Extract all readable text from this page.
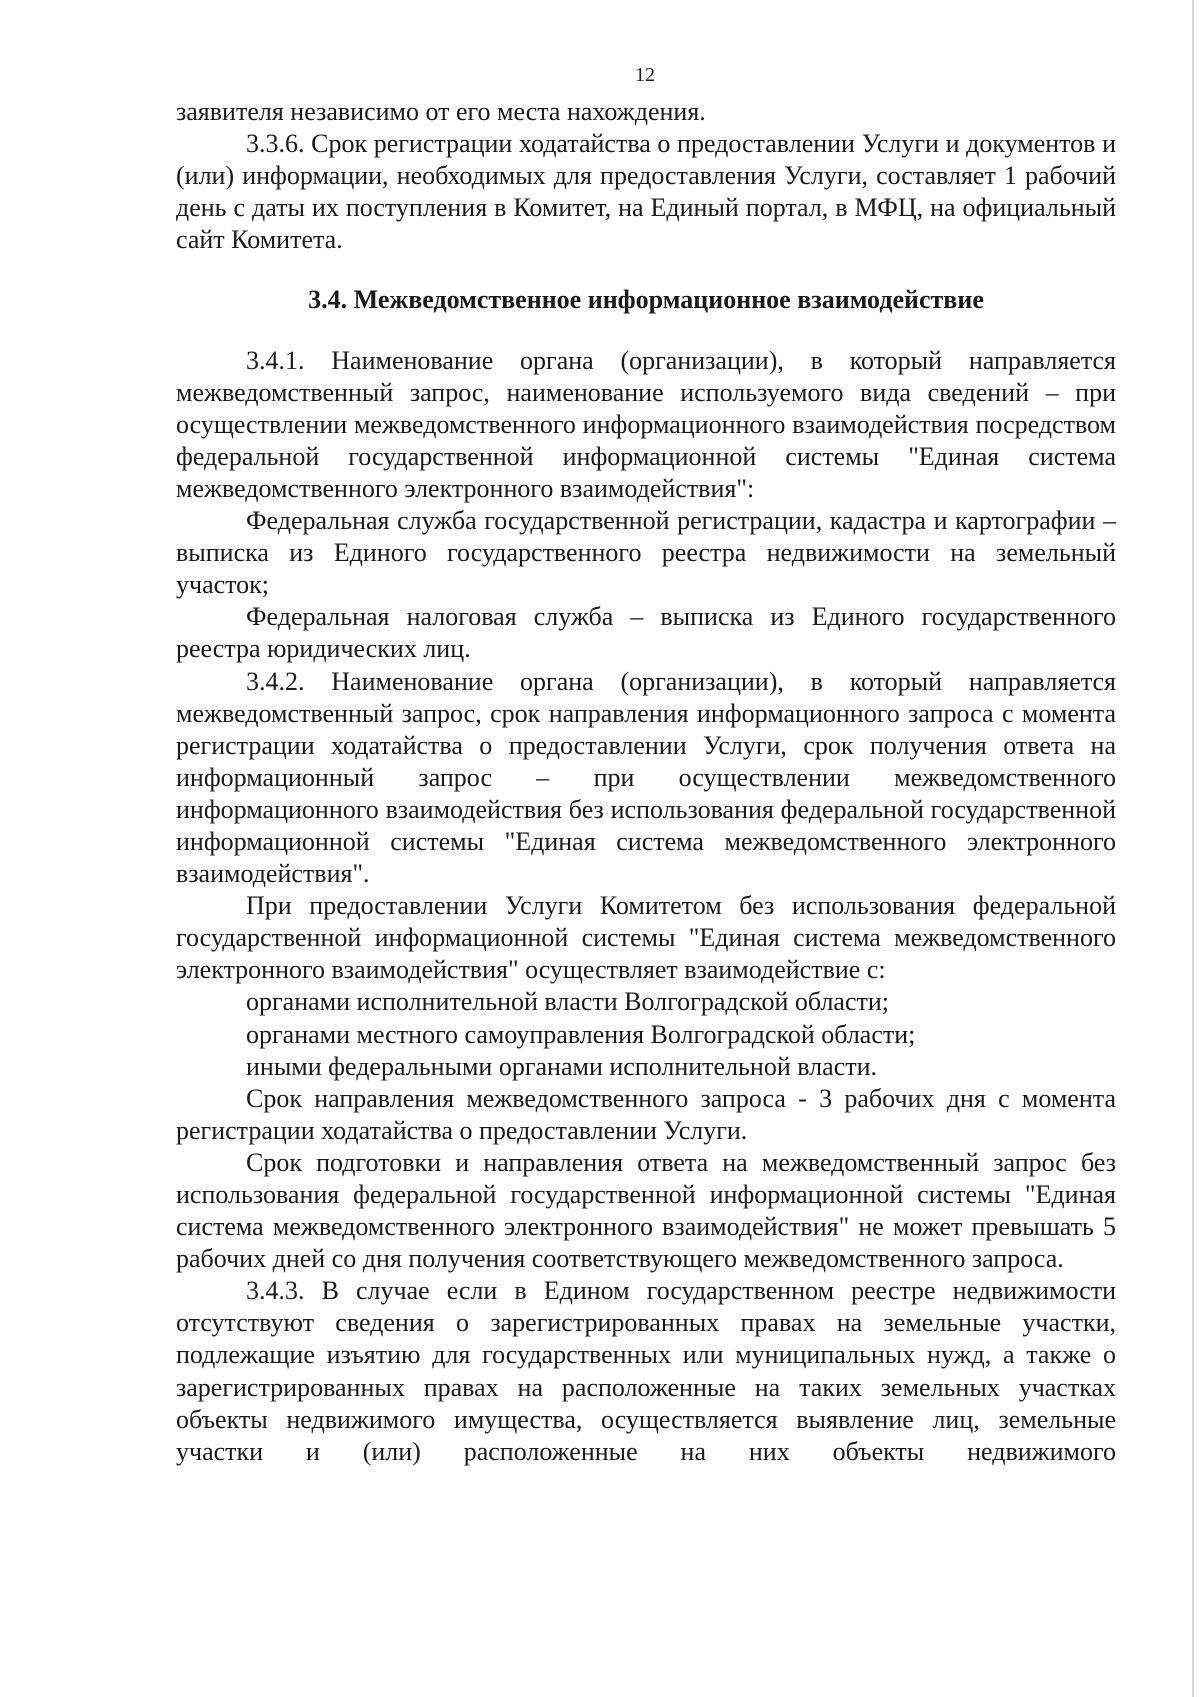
12

заявителя независимо от его места нахождения.

3.3.6. Срок регистрации ходатайства о предоставлении Услуги и документов и (или) информации, необходимых для предоставления Услуги, составляет 1 рабочий день с даты их поступления в Комитет, на Единый портал, в МФЦ, на официальный сайт Комитета.

3.4. Межведомственное информационное взаимодействие

3.4.1. Наименование органа (организации), в который направляется межведомственный запрос, наименование используемого вида сведений – при осуществлении межведомственного информационного взаимодействия посредством федеральной государственной информационной системы "Единая система межведомственного электронного взаимодействия":

Федеральная служба государственной регистрации, кадастра и картографии – выписка из Единого государственного реестра недвижимости на земельный участок;

Федеральная налоговая служба – выписка из Единого государственного реестра юридических лиц.

3.4.2. Наименование органа (организации), в который направляется межведомственный запрос, срок направления информационного запроса с момента регистрации ходатайства о предоставлении Услуги, срок получения ответа на информационный запрос – при осуществлении межведомственного информационного взаимодействия без использования федеральной государственной информационной системы "Единая система межведомственного электронного взаимодействия".

При предоставлении Услуги Комитетом без использования федеральной государственной информационной системы "Единая система межведомственного электронного взаимодействия" осуществляет взаимодействие с:

органами исполнительной власти Волгоградской области;

органами местного самоуправления Волгоградской области;

иными федеральными органами исполнительной власти.

Срок направления межведомственного запроса - 3 рабочих дня с момента регистрации ходатайства о предоставлении Услуги.

Срок подготовки и направления ответа на межведомственный запрос без использования федеральной государственной информационной системы "Единая система межведомственного электронного взаимодействия" не может превышать 5 рабочих дней со дня получения соответствующего межведомственного запроса.

3.4.3. В случае если в Едином государственном реестре недвижимости отсутствуют сведения о зарегистрированных правах на земельные участки, подлежащие изъятию для государственных или муниципальных нужд, а также о зарегистрированных правах на расположенные на таких земельных участках объекты недвижимого имущества, осуществляется выявление лиц, земельные участки и (или) расположенные на них объекты недвижимого
